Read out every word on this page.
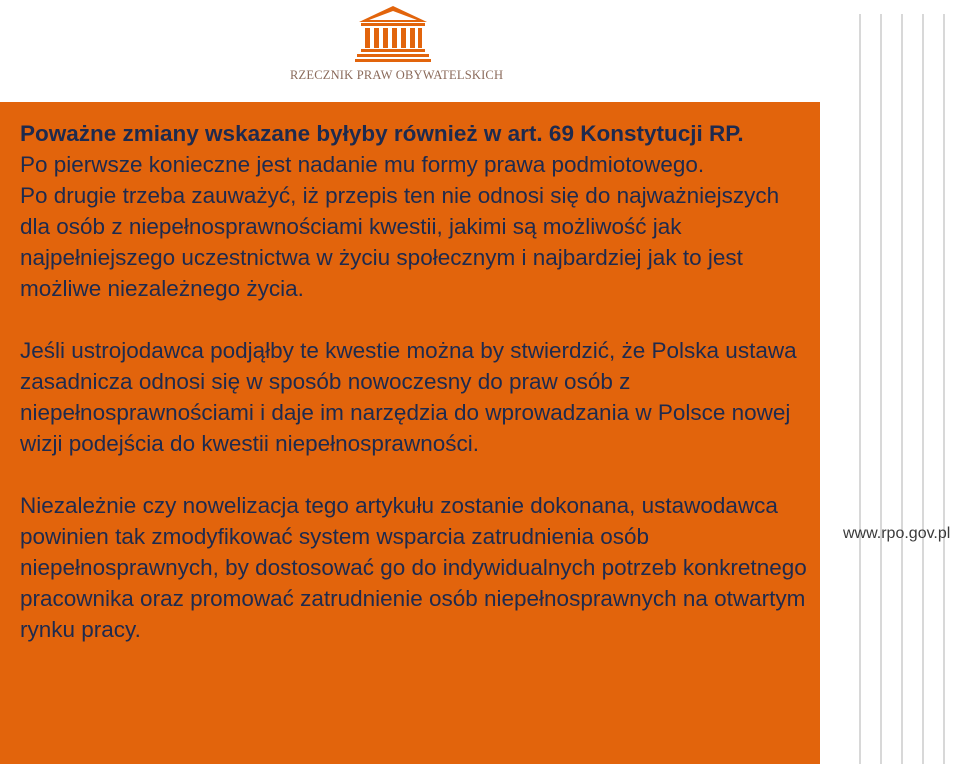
RZECZNIK PRAW OBYWATELSKICH

Poważne zmiany wskazane byłyby również w art. 69 Konstytucji RP.

Po pierwsze konieczne jest nadanie mu formy prawa podmiotowego.

Po drugie trzeba zauważyć, iż przepis ten nie odnosi się do najważniejszych dla osób z niepełnosprawnościami kwestii, jakimi są możliwość jak najpełniejszego uczestnictwa w życiu społecznym i najbardziej jak to jest możliwe niezależnego życia.

Jeśli ustrojodawca podjąłby te kwestie można by stwierdzić, że Polska ustawa zasadnicza odnosi się w sposób nowoczesny do praw osób z niepełnosprawnościami i daje im narzędzia do wprowadzania w Polsce nowej wizji podejścia do kwestii niepełnosprawności.

Niezależnie czy nowelizacja tego artykułu zostanie dokonana, ustawodawca powinien tak zmodyfikować system wsparcia zatrudnienia osób niepełnosprawnych, by dostosować go do indywidualnych potrzeb konkretnego pracownika oraz promować zatrudnienie osób niepełnosprawnych na otwartym rynku pracy.

www.rpo.gov.pl
